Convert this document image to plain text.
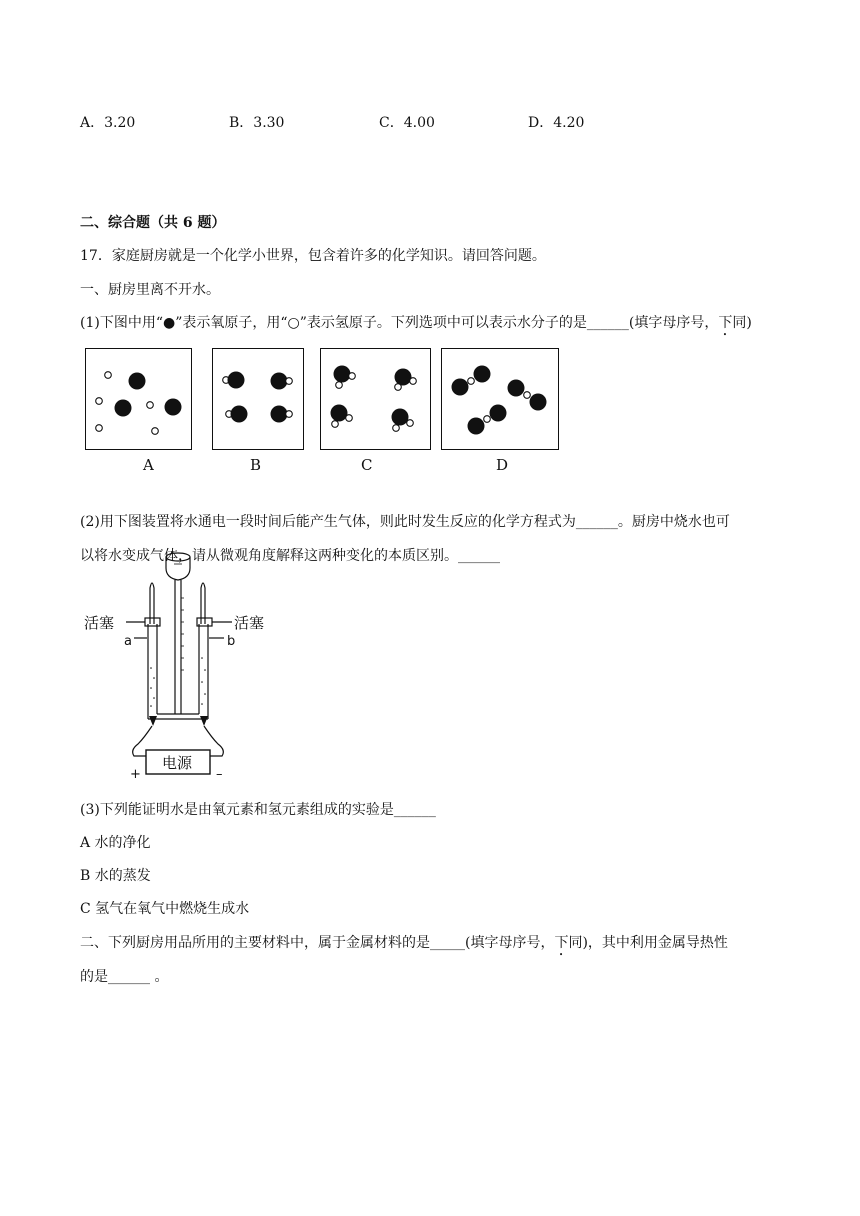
A．3.20	B．3.30	C．4.00	D．4.20
二、综合题（共 6 题）
17．家庭厨房就是一个化学小世界，包含着许多的化学知识。请回答问题。
一、厨房里离不开水。
(1)下图中用“●”表示氧原子，用“○”表示氢原子。下列选项中可以表示水分子的是______(填字母序号，下同)
A	B	C	D
(2)用下图装置将水通电一段时间后能产生气体，则此时发生反应的化学方程式为______。厨房中烧水也可
以将水变成气体，请从微观角度解释这两种变化的本质区别。______
活塞	活塞
a	b
电源
+	–
(3)下列能证明水是由氧元素和氢元素组成的实验是______
A 水的净化
B 水的蒸发
C 氢气在氧气中燃烧生成水
二、下列厨房用品所用的主要材料中，属于金属材料的是_____(填字母序号，下同)，其中利用金属导热性
的是______ 。
